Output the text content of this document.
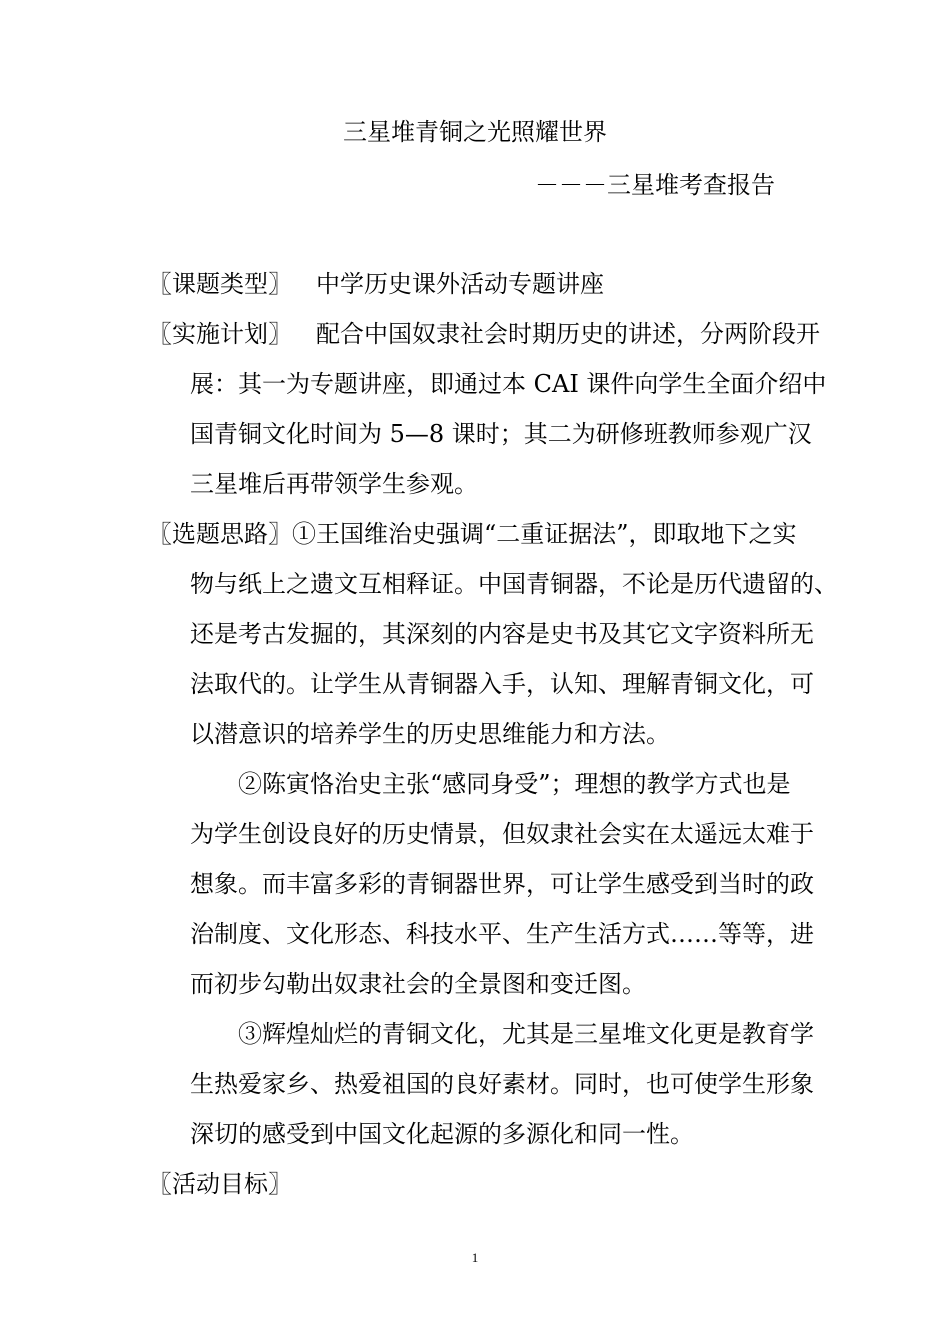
三星堆青铜之光照耀世界
－－－三星堆考查报告
〖课题类型〗 中学历史课外活动专题讲座
〖实施计划〗 配合中国奴隶社会时期历史的讲述，分两阶段开
展：其一为专题讲座，即通过本 CAI 课件向学生全面介绍中
国青铜文化时间为 5—8 课时；其二为研修班教师参观广汉
三星堆后再带领学生参观。
〖选题思路〗①王国维治史强调“二重证据法”，即取地下之实
物与纸上之遗文互相释证。中国青铜器，不论是历代遗留的、
还是考古发掘的，其深刻的内容是史书及其它文字资料所无
法取代的。让学生从青铜器入手，认知、理解青铜文化，可
以潜意识的培养学生的历史思维能力和方法。
②陈寅恪治史主张“感同身受”；理想的教学方式也是
为学生创设良好的历史情景，但奴隶社会实在太遥远太难于
想象。而丰富多彩的青铜器世界，可让学生感受到当时的政
治制度、文化形态、科技水平、生产生活方式……等等，进
而初步勾勒出奴隶社会的全景图和变迁图。
③辉煌灿烂的青铜文化，尤其是三星堆文化更是教育学
生热爱家乡、热爱祖国的良好素材。同时，也可使学生形象
深切的感受到中国文化起源的多源化和同一性。
〖活动目标〗
1
